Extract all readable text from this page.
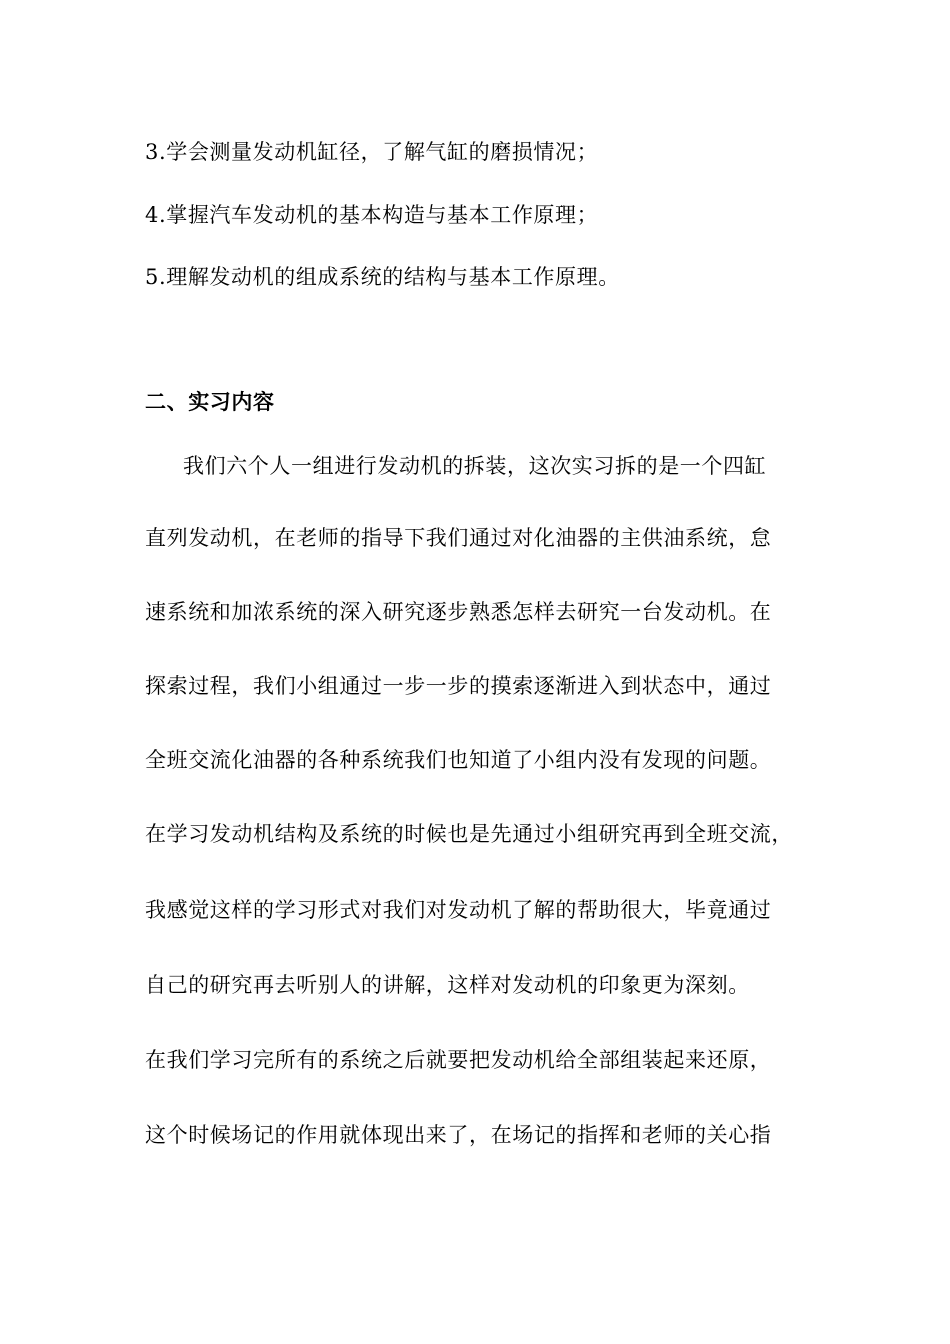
3.学会测量发动机缸径，了解气缸的磨损情况；
4.掌握汽车发动机的基本构造与基本工作原理；
5.理解发动机的组成系统的结构与基本工作原理。
二、实习内容
我们六个人一组进行发动机的拆装，这次实习拆的是一个四缸
直列发动机，在老师的指导下我们通过对化油器的主供油系统，怠
速系统和加浓系统的深入研究逐步熟悉怎样去研究一台发动机。在
探索过程，我们小组通过一步一步的摸索逐渐进入到状态中，通过
全班交流化油器的各种系统我们也知道了小组内没有发现的问题。
在学习发动机结构及系统的时候也是先通过小组研究再到全班交流，
我感觉这样的学习形式对我们对发动机了解的帮助很大，毕竟通过
自己的研究再去听别人的讲解，这样对发动机的印象更为深刻。
在我们学习完所有的系统之后就要把发动机给全部组装起来还原，
这个时候场记的作用就体现出来了，在场记的指挥和老师的关心指
